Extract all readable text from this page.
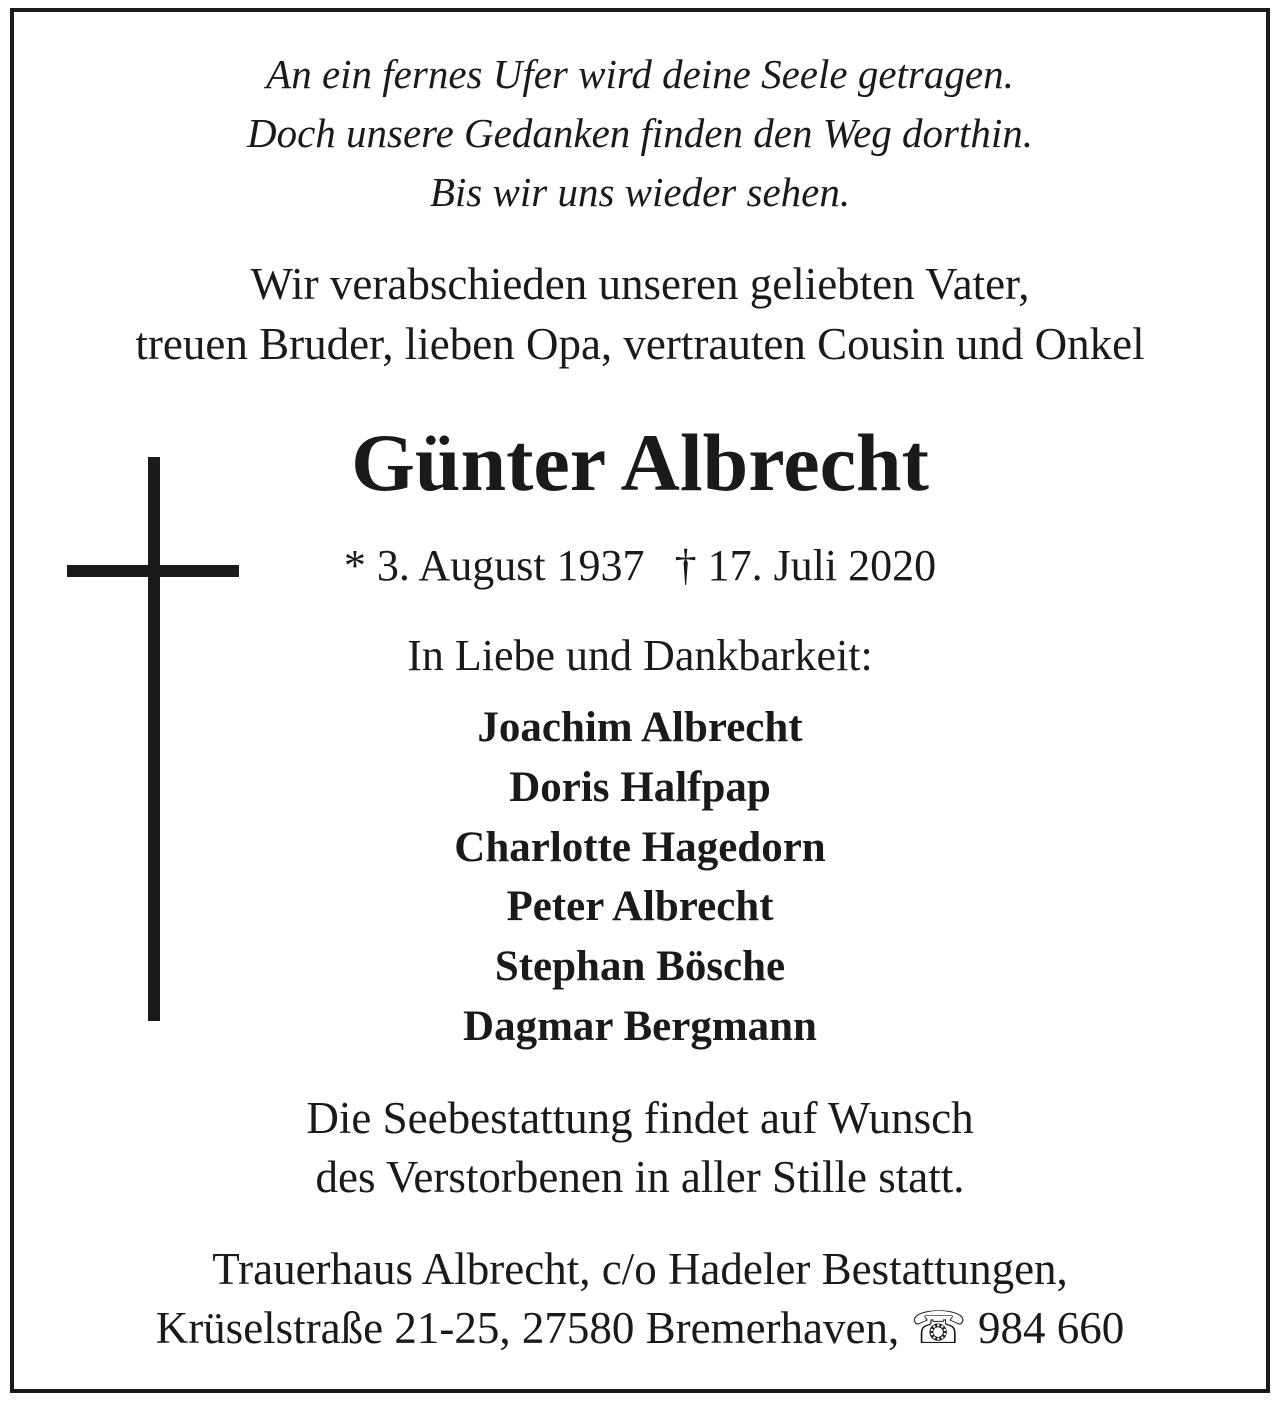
An ein fernes Ufer wird deine Seele getragen.
Doch unsere Gedanken finden den Weg dorthin.
Bis wir uns wieder sehen.
Wir verabschieden unseren geliebten Vater,
treuen Bruder, lieben Opa, vertrauten Cousin und Onkel
Günter Albrecht
* 3. August 1937 † 17. Juli 2020
In Liebe und Dankbarkeit:
Joachim Albrecht
Doris Halfpap
Charlotte Hagedorn
Peter Albrecht
Stephan Bösche
Dagmar Bergmann
Die Seebestattung findet auf Wunsch
des Verstorbenen in aller Stille statt.
Trauerhaus Albrecht, c/o Hadeler Bestattungen,
Krüselstraße 21-25, 27580 Bremerhaven, ☏ 984 660
